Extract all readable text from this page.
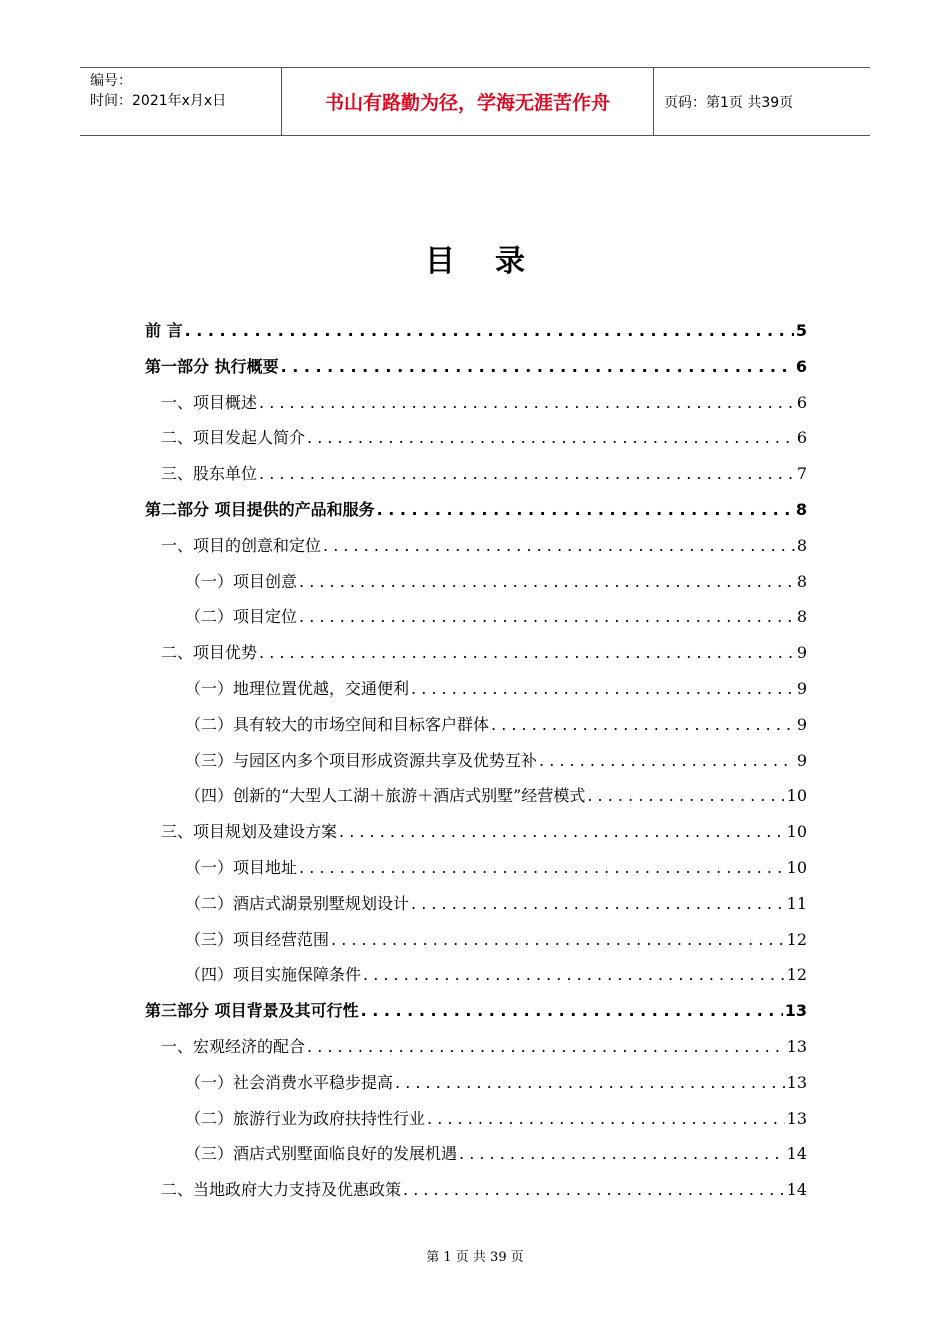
编号：
时间：2021年x月x日	书山有路勤为径，学海无涯苦作舟	页码：第1页 共39页
目录
前 言 . . .	5
第一部分 执行概要 . . .	6
一、项目概述 . . .	6
二、项目发起人简介 . . .	6
三、股东单位 . . .	7
第二部分 项目提供的产品和服务 . . .	8
一、项目的创意和定位 . . .	8
（一）项目创意 . . .	8
（二）项目定位 . . .	8
二、项目优势 . . .	9
（一）地理位置优越，交通便利 . . .	9
（二）具有较大的市场空间和目标客户群体 . . .	9
（三）与园区内多个项目形成资源共享及优势互补 . . .	9
（四）创新的“大型人工湖＋旅游＋酒店式别墅”经营模式 . . .	10
三、项目规划及建设方案 . . .	10
（一）项目地址 . . .	10
（二）酒店式湖景别墅规划设计 . . .	11
（三）项目经营范围 . . .	12
（四）项目实施保障条件 . . .	12
第三部分 项目背景及其可行性 . . .	13
一、宏观经济的配合 . . .	13
（一）社会消费水平稳步提高 . . .	13
（二）旅游行业为政府扶持性行业 . . .	13
（三）酒店式别墅面临良好的发展机遇 . . .	14
二、当地政府大力支持及优惠政策 . . .	14
第 1 页 共 39 页
